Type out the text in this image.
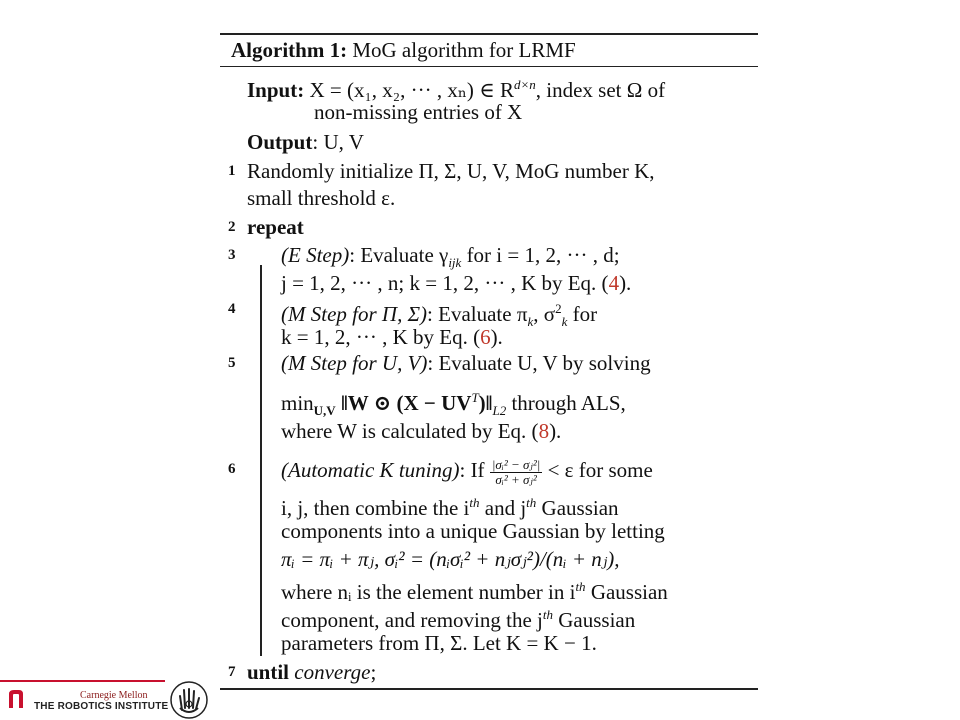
Algorithm 1: MoG algorithm for LRMF
Input: X = (x₁, x₂, ··· , xₙ) ∈ $R^{d\times n}$, index set Ω of
non-missing entries of X
Output: U, V
1 Randomly initialize Π, Σ, U, V, MoG number K,
small threshold ε.
2 repeat
3 (E Step): Evaluate $\gamma_{ijk}$ for i = 1, 2, ··· , d;
j = 1, 2, ··· , n; k = 1, 2, ··· , K by Eq. (4).
4 (M Step for Π, Σ): Evaluate $\pi_k$, $\sigma^2_k$ for
k = 1, 2, ··· , K by Eq. (6).
5 (M Step for U, V): Evaluate U, V by solving
$\min_{U,V}$ ‖W ⊙ $(X - UV^T)‖_{L2}$ through ALS,
where W is calculated by Eq. (8).
6 (Automatic K tuning): If $\frac{\text{|σᵢ² − σⱼ²|}}{\text{σᵢ² + σⱼ²}} < \varepsilon$ for some
i, j, then combine the $i^{th}$ and $j^{th}$ Gaussian
components into a unique Gaussian by letting
πᵢ = πᵢ + πⱼ, σᵢ² = (nᵢσᵢ² + nⱼσⱼ²)/(nᵢ + nⱼ),
where nᵢ is the element number in $i^{th}$ Gaussian
component, and removing the $j^{th}$ Gaussian
parameters from Π, Σ. Let K = K − 1.
7 until converge;
Carnegie Mellon
THE ROBOTICS INSTITUTE
